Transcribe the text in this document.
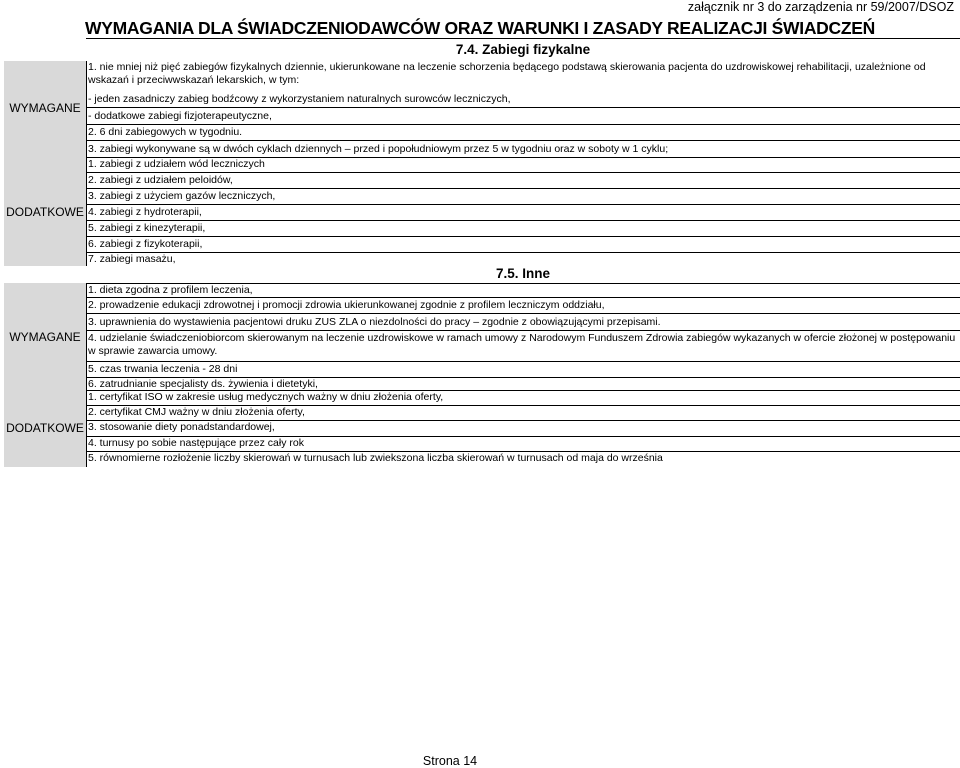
załącznik nr 3 do zarządzenia nr 59/2007/DSOZ
WYMAGANIA DLA ŚWIADCZENIODAWCÓW ORAZ WARUNKI I ZASADY REALIZACJI ŚWIADCZEŃ
7.4. Zabiegi fizykalne
WYMAGANE
1. nie mniej niż pięć zabiegów fizykalnych dziennie, ukierunkowane na leczenie schorzenia będącego podstawą skierowania pacjenta do uzdrowiskowej rehabilitacji, uzależnione od wskazań i przeciwwskazań lekarskich, w tym:
- jeden zasadniczy zabieg bodźcowy z wykorzystaniem naturalnych surowców leczniczych,
- dodatkowe zabiegi fizjoterapeutyczne,
2. 6 dni zabiegowych w tygodniu.
3. zabiegi wykonywane są w dwóch cyklach dziennych – przed i popołudniowym przez 5 w tygodniu oraz w soboty w 1 cyklu;
DODATKOWE
1. zabiegi z udziałem wód leczniczych
2. zabiegi z udziałem peloidów,
3. zabiegi z użyciem gazów leczniczych,
4. zabiegi z hydroterapii,
5. zabiegi z kinezyterapii,
6. zabiegi z fizykoterapii,
7. zabiegi masażu,
7.5. Inne
WYMAGANE
1. dieta zgodna z profilem leczenia,
2. prowadzenie edukacji zdrowotnej i promocji zdrowia ukierunkowanej zgodnie z profilem leczniczym oddziału,
3. uprawnienia do wystawienia pacjentowi druku ZUS ZLA o niezdolności do pracy – zgodnie z obowiązującymi przepisami.
4. udzielanie świadczeniobiorcom skierowanym na leczenie uzdrowiskowe w ramach umowy z Narodowym Funduszem Zdrowia zabiegów wykazanych w ofercie złożonej w postępowaniu w sprawie zawarcia umowy.
5. czas trwania leczenia - 28 dni
6. zatrudnianie specjalisty ds. żywienia i dietetyki,
DODATKOWE
1. certyfikat ISO w zakresie usług medycznych ważny w dniu złożenia oferty,
2. certyfikat CMJ ważny w dniu złożenia oferty,
3. stosowanie diety ponadstandardowej,
4. turnusy po sobie następujące przez cały rok
5. równomierne rozłożenie liczby skierowań w turnusach lub zwiekszona liczba skierowań w turnusach od maja do września
Strona 14
